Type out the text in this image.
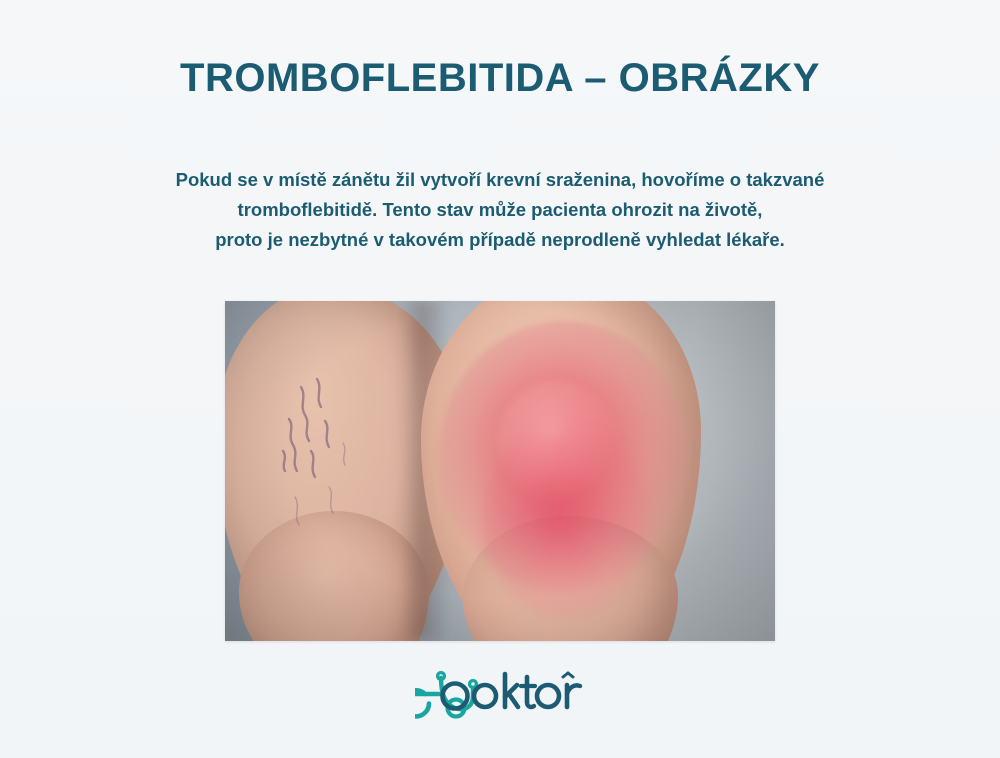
TROMBOFLEBITIDA – OBRÁZKY
Pokud se v místě zánětu žil vytvoří krevní sraženina, hovoříme o takzvané
tromboflebitidě. Tento stav může pacienta ohrozit na životě,
proto je nezbytné v takovém případě neprodleně vyhledat lékaře.
